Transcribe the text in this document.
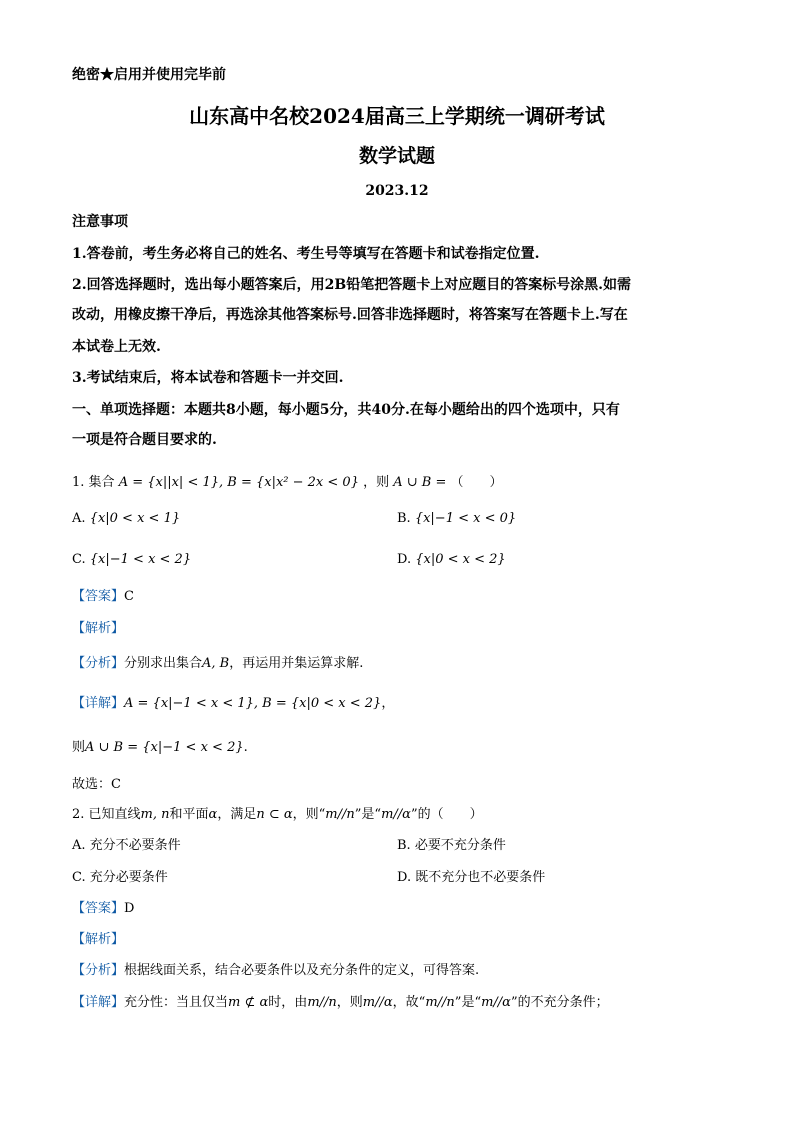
绝密★启用并使用完毕前
山东高中名校2024届高三上学期统一调研考试
数学试题
2023.12
注意事项
1.答卷前，考生务必将自己的姓名、考生号等填写在答题卡和试卷指定位置.
2.回答选择题时，选出每小题答案后，用2B铅笔把答题卡上对应题目的答案标号涂黑.如需
改动，用橡皮擦干净后，再选涂其他答案标号.回答非选择题时，将答案写在答题卡上.写在
本试卷上无效.
3.考试结束后，将本试卷和答题卡一并交回.
一、单项选择题：本题共8小题，每小题5分，共40分.在每小题给出的四个选项中，只有
一项是符合题目要求的.
1. 集合 A = {x||x| < 1}, B = {x|x² − 2x < 0} ，则 A ∪ B = （　　）
A. {x|0 < x < 1}	B. {x|−1 < x < 0}
C. {x|−1 < x < 2}	D. {x|0 < x < 2}
【答案】C
【解析】
【分析】分别求出集合A, B，再运用并集运算求解.
【详解】A = {x|−1 < x < 1}, B = {x|0 < x < 2}，
则A ∪ B = {x|−1 < x < 2}.
故选：C
2. 已知直线m, n和平面α，满足n ⊂ α，则“m//n”是“m//α”的（　　）
A. 充分不必要条件	B. 必要不充分条件
C. 充分必要条件	D. 既不充分也不必要条件
【答案】D
【解析】
【分析】根据线面关系，结合必要条件以及充分条件的定义，可得答案.
【详解】充分性：当且仅当m ⊄ α时，由m//n，则m//α，故“m//n”是“m//α”的不充分条件；
